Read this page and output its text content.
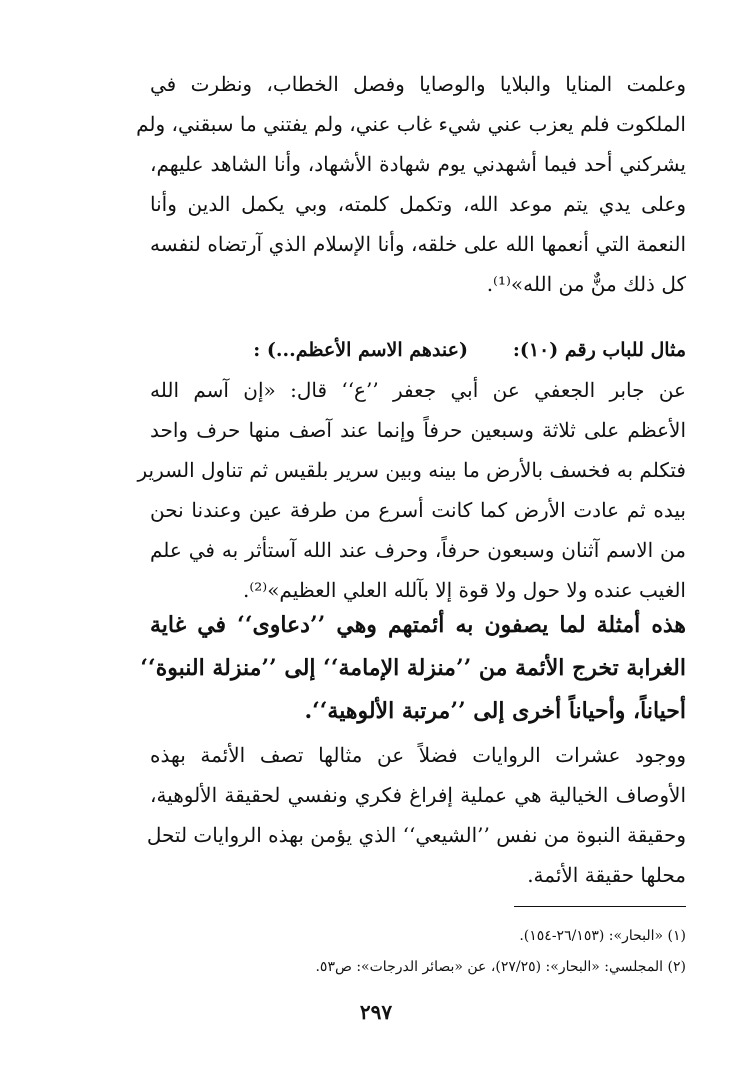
وعلمت المنايا والبلايا والوصايا وفصل الخطاب، ونظرت في
الملكوت فلم يعزب عني شيء غاب عني، ولم يفتني ما سبقني، ولم
يشركني أحد فيما أشهدني يوم شهادة الأشهاد، وأنا الشاهد عليهم،
وعلى يدي يتم موعد الله، وتكمل كلمته، وبي يكمل الدين وأنا
النعمة التي أنعمها الله على خلقه، وأنا الإسلام الذي آرتضاه لنفسه
كل ذلك منٌّ من الله»⁽¹⁾.
مثال للباب رقم (١٠):
(عندهم الاسم الأعظم...) :
عن جابر الجعفي عن أبي جعفر ’’ع‘‘ قال: «إن آسم الله
الأعظم على ثلاثة وسبعين حرفاً وإنما عند آصف منها حرف واحد
فتكلم به فخسف بالأرض ما بينه وبين سرير بلقيس ثم تناول السرير
بيده ثم عادت الأرض كما كانت أسرع من طرفة عين وعندنا نحن
من الاسم آثنان وسبعون حرفاً، وحرف عند الله آستأثر به في علم
الغيب عنده ولا حول ولا قوة إلا بآلله العلي العظيم»⁽²⁾.
هذه أمثلة لما يصفون به أئمتهم وهي ’’دعاوى‘‘ في غاية
الغرابة تخرج الأئمة من ’’منزلة الإمامة‘‘ إلى ’’منزلة النبوة‘‘
أحياناً، وأحياناً أخرى إلى ’’مرتبة الألوهية‘‘.
ووجود عشرات الروايات فضلاً عن مثالها تصف الأئمة بهذه
الأوصاف الخيالية هي عملية إفراغ فكري ونفسي لحقيقة الألوهية،
وحقيقة النبوة من نفس ’’الشيعي‘‘ الذي يؤمن بهذه الروايات لتحل
محلها حقيقة الأئمة.
(١) «البحار»: (٢٦/١٥٣-١٥٤).
(٢) المجلسي: «البحار»: (٢٧/٢٥)، عن «بصائر الدرجات»: ص٥٣.
٢٩٧
